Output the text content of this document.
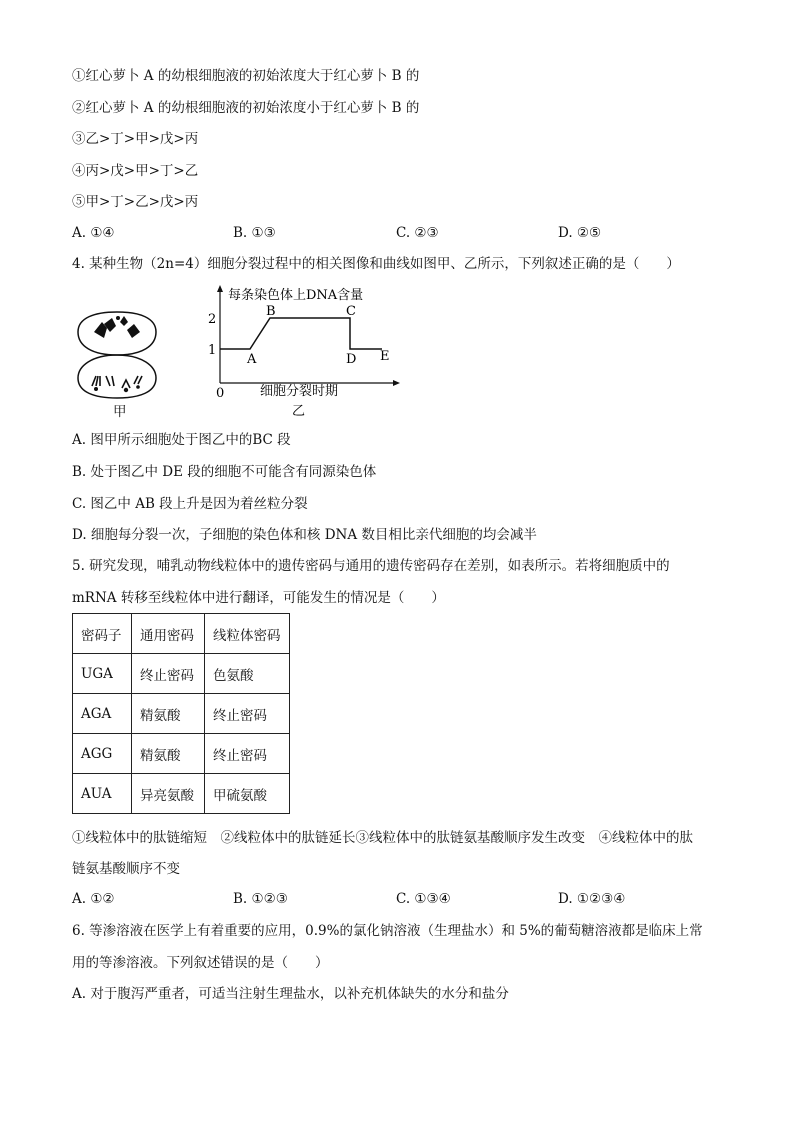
①红心萝卜 A 的幼根细胞液的初始浓度大于红心萝卜 B 的
②红心萝卜 A 的幼根细胞液的初始浓度小于红心萝卜 B 的
③乙>丁>甲>戊>丙
④丙>戊>甲>丁>乙
⑤甲>丁>乙>戊>丙
A. ①④	B. ①③	C. ②③	D. ②⑤
4. 某种生物（2n=4）细胞分裂过程中的相关图像和曲线如图甲、乙所示，下列叙述正确的是（　　）
甲
2
1
0
每条染色体上DNA含量
A
B	C
D E
细胞分裂时期
乙
A. 图甲所示细胞处于图乙中的BC 段
B. 处于图乙中 DE 段的细胞不可能含有同源染色体
C. 图乙中 AB 段上升是因为着丝粒分裂
D. 细胞每分裂一次，子细胞的染色体和核 DNA 数目相比亲代细胞的均会减半
5. 研究发现，哺乳动物线粒体中的遗传密码与通用的遗传密码存在差别，如表所示。若将细胞质中的
mRNA 转移至线粒体中进行翻译，可能发生的情况是（　　）
密码子	通用密码	线粒体密码
UGA	终止密码	色氨酸
AGA	精氨酸	终止密码
AGG	精氨酸	终止密码
AUA	异亮氨酸	甲硫氨酸
①线粒体中的肽链缩短　②线粒体中的肽链延长③线粒体中的肽链氨基酸顺序发生改变　④线粒体中的肽
链氨基酸顺序不变
A. ①②	B. ①②③	C. ①③④	D. ①②③④
6. 等渗溶液在医学上有着重要的应用，0.9%的氯化钠溶液（生理盐水）和 5%的葡萄糖溶液都是临床上常
用的等渗溶液。下列叙述错误的是（　　）
A. 对于腹泻严重者，可适当注射生理盐水，以补充机体缺失的水分和盐分
